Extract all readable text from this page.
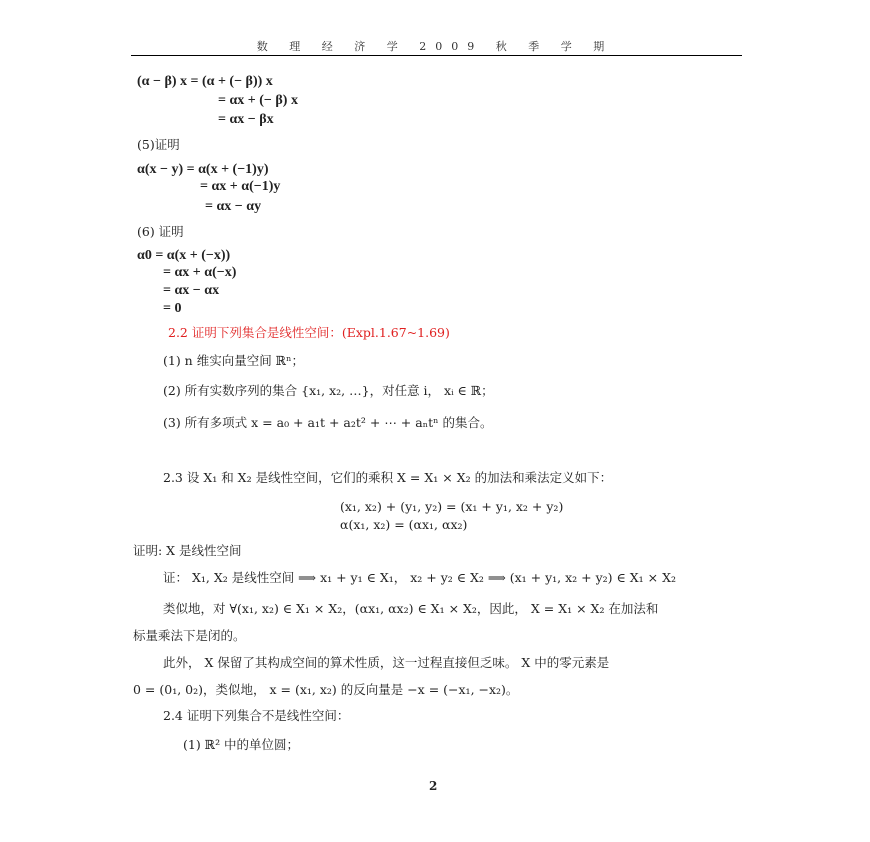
数 理 经 济 学 2009 秋 季 学 期
(α − β) x = (α + (− β)) x
= αx + (− β) x
= αx − βx
(5)证明
α(x − y) = α(x + (−1)y)
= αx + α(−1)y
= αx − αy
(6) 证明
α0 = α(x + (−x))
= αx + α(−x)
= αx − αx
= 0
2.2 证明下列集合是线性空间：(Expl.1.67~1.69)
(1) n 维实向量空间 ℝⁿ；
(2) 所有实数序列的集合 {x₁, x₂, …}，对任意 i， xᵢ ∈ ℝ；
(3) 所有多项式 x = a₀ + a₁t + a₂t² + ⋯ + aₙtⁿ 的集合。
2.3 设 X₁ 和 X₂ 是线性空间，它们的乘积 X = X₁ × X₂ 的加法和乘法定义如下：
(x₁, x₂) + (y₁, y₂) = (x₁ + y₁, x₂ + y₂)
α(x₁, x₂) = (αx₁, αx₂)
证明: X 是线性空间
证： X₁, X₂ 是线性空间 ⟹ x₁ + y₁ ∈ X₁， x₂ + y₂ ∈ X₂ ⟹ (x₁ + y₁, x₂ + y₂) ∈ X₁ × X₂
类似地，对 ∀(x₁, x₂) ∈ X₁ × X₂，(αx₁, αx₂) ∈ X₁ × X₂，因此， X = X₁ × X₂ 在加法和
标量乘法下是闭的。
此外， X 保留了其构成空间的算术性质，这一过程直接但乏味。 X 中的零元素是
0 = (0₁, 0₂)，类似地， x = (x₁, x₂) 的反向量是 −x = (−x₁, −x₂)。
2.4 证明下列集合不是线性空间：
(1) ℝ² 中的单位圆；
2
